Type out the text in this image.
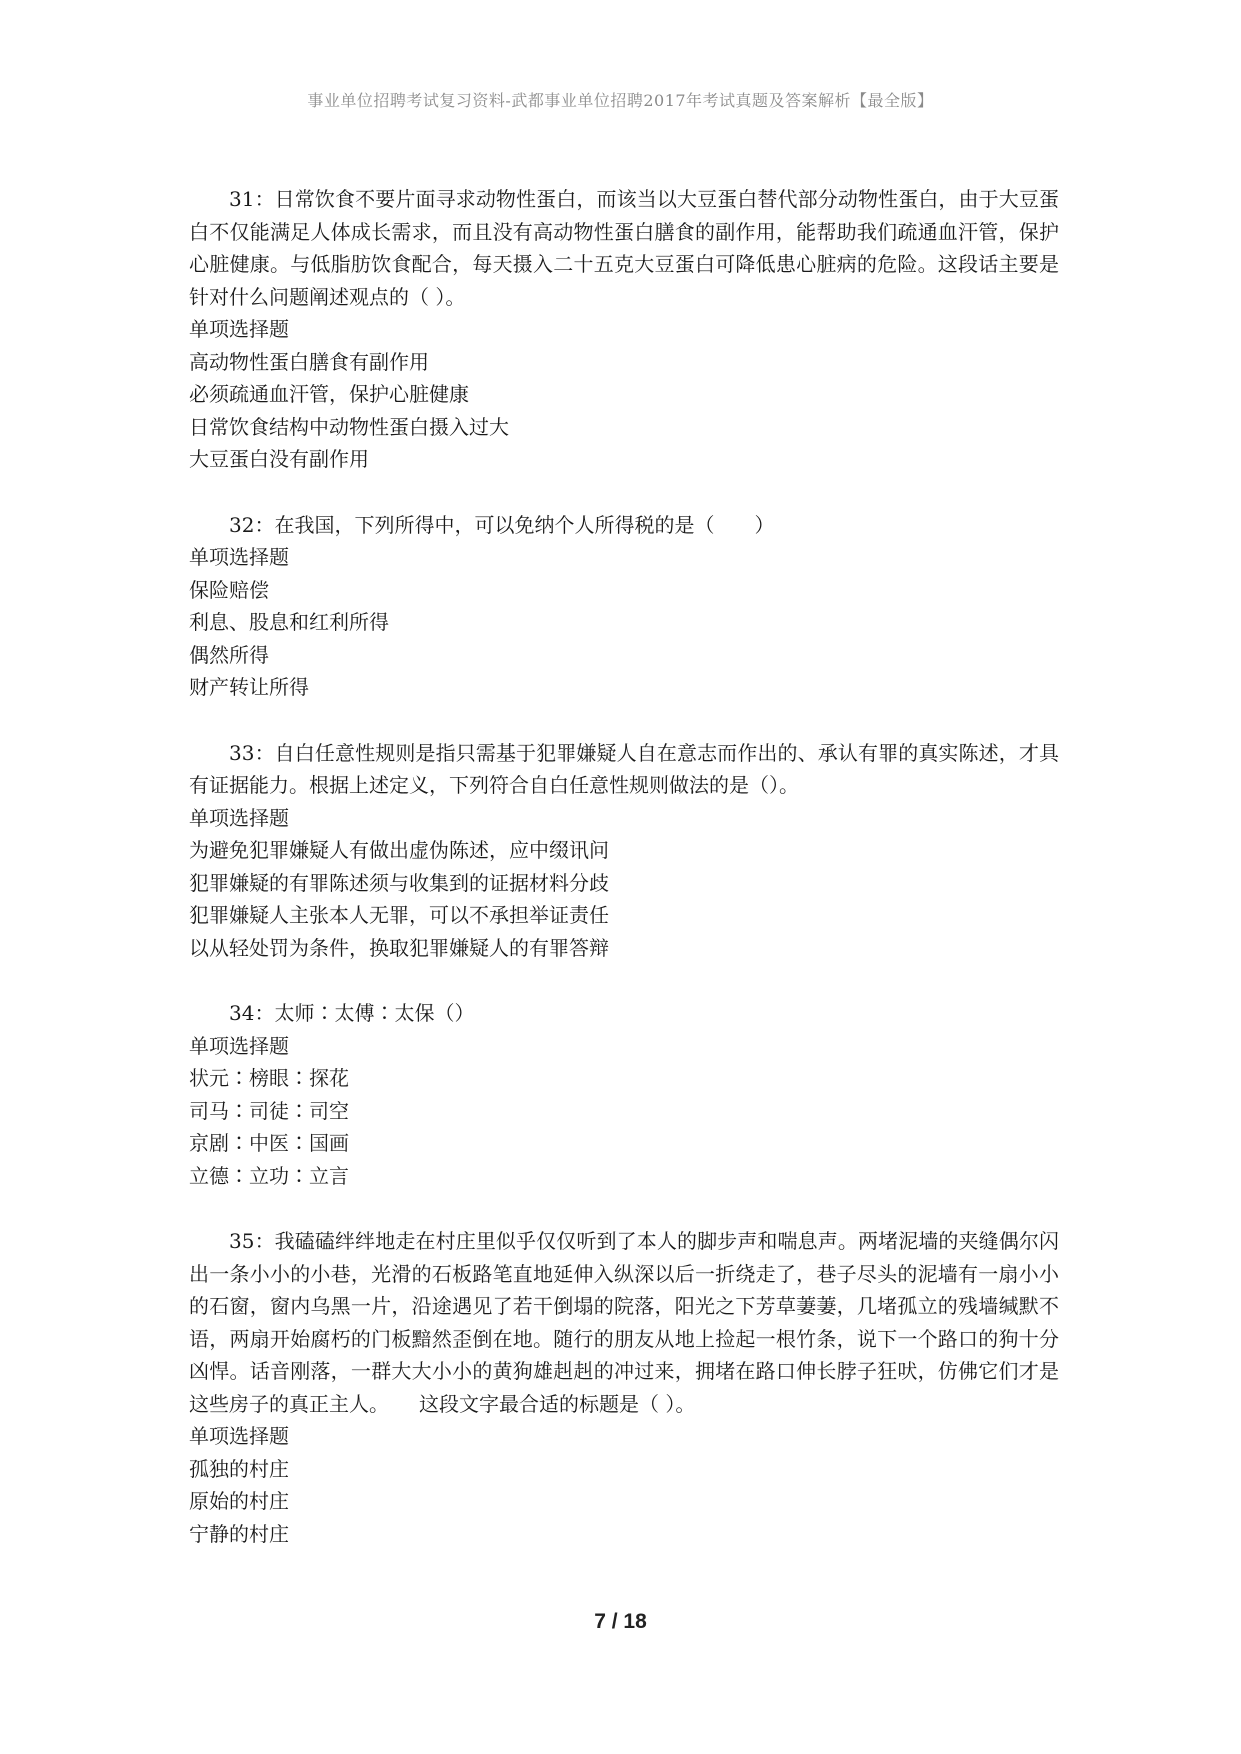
事业单位招聘考试复习资料-武都事业单位招聘2017年考试真题及答案解析【最全版】

31：日常饮食不要片面寻求动物性蛋白，而该当以大豆蛋白替代部分动物性蛋白，由于大豆蛋白不仅能满足人体成长需求，而且没有高动物性蛋白膳食的副作用，能帮助我们疏通血汗管，保护心脏健康。与低脂肪饮食配合，每天摄入二十五克大豆蛋白可降低患心脏病的危险。这段话主要是针对什么问题阐述观点的（ ）。

单项选择题

高动物性蛋白膳食有副作用

必须疏通血汗管，保护心脏健康

日常饮食结构中动物性蛋白摄入过大

大豆蛋白没有副作用

32：在我国，下列所得中，可以免纳个人所得税的是（　　）

单项选择题

保险赔偿

利息、股息和红利所得

偶然所得

财产转让所得

33：自白任意性规则是指只需基于犯罪嫌疑人自在意志而作出的、承认有罪的真实陈述，才具有证据能力。根据上述定义，下列符合自白任意性规则做法的是（）。

单项选择题

为避免犯罪嫌疑人有做出虚伪陈述，应中缀讯问

犯罪嫌疑的有罪陈述须与收集到的证据材料分歧

犯罪嫌疑人主张本人无罪，可以不承担举证责任

以从轻处罚为条件，换取犯罪嫌疑人的有罪答辩

34：太师∶太傅∶太保（）

单项选择题

状元∶榜眼∶探花

司马∶司徒∶司空

京剧∶中医∶国画

立德∶立功∶立言

35：我磕磕绊绊地走在村庄里似乎仅仅听到了本人的脚步声和喘息声。两堵泥墙的夹缝偶尔闪出一条小小的小巷，光滑的石板路笔直地延伸入纵深以后一折绕走了，巷子尽头的泥墙有一扇小小的石窗，窗内乌黑一片，沿途遇见了若干倒塌的院落，阳光之下芳草萋萋，几堵孤立的残墙缄默不语，两扇开始腐朽的门板黯然歪倒在地。随行的朋友从地上捡起一根竹条，说下一个路口的狗十分凶悍。话音刚落，一群大大小小的黄狗雄赳赳的冲过来，拥堵在路口伸长脖子狂吠，仿佛它们才是这些房子的真正主人。　　这段文字最合适的标题是（ ）。

单项选择题

孤独的村庄

原始的村庄

宁静的村庄

7 / 18
